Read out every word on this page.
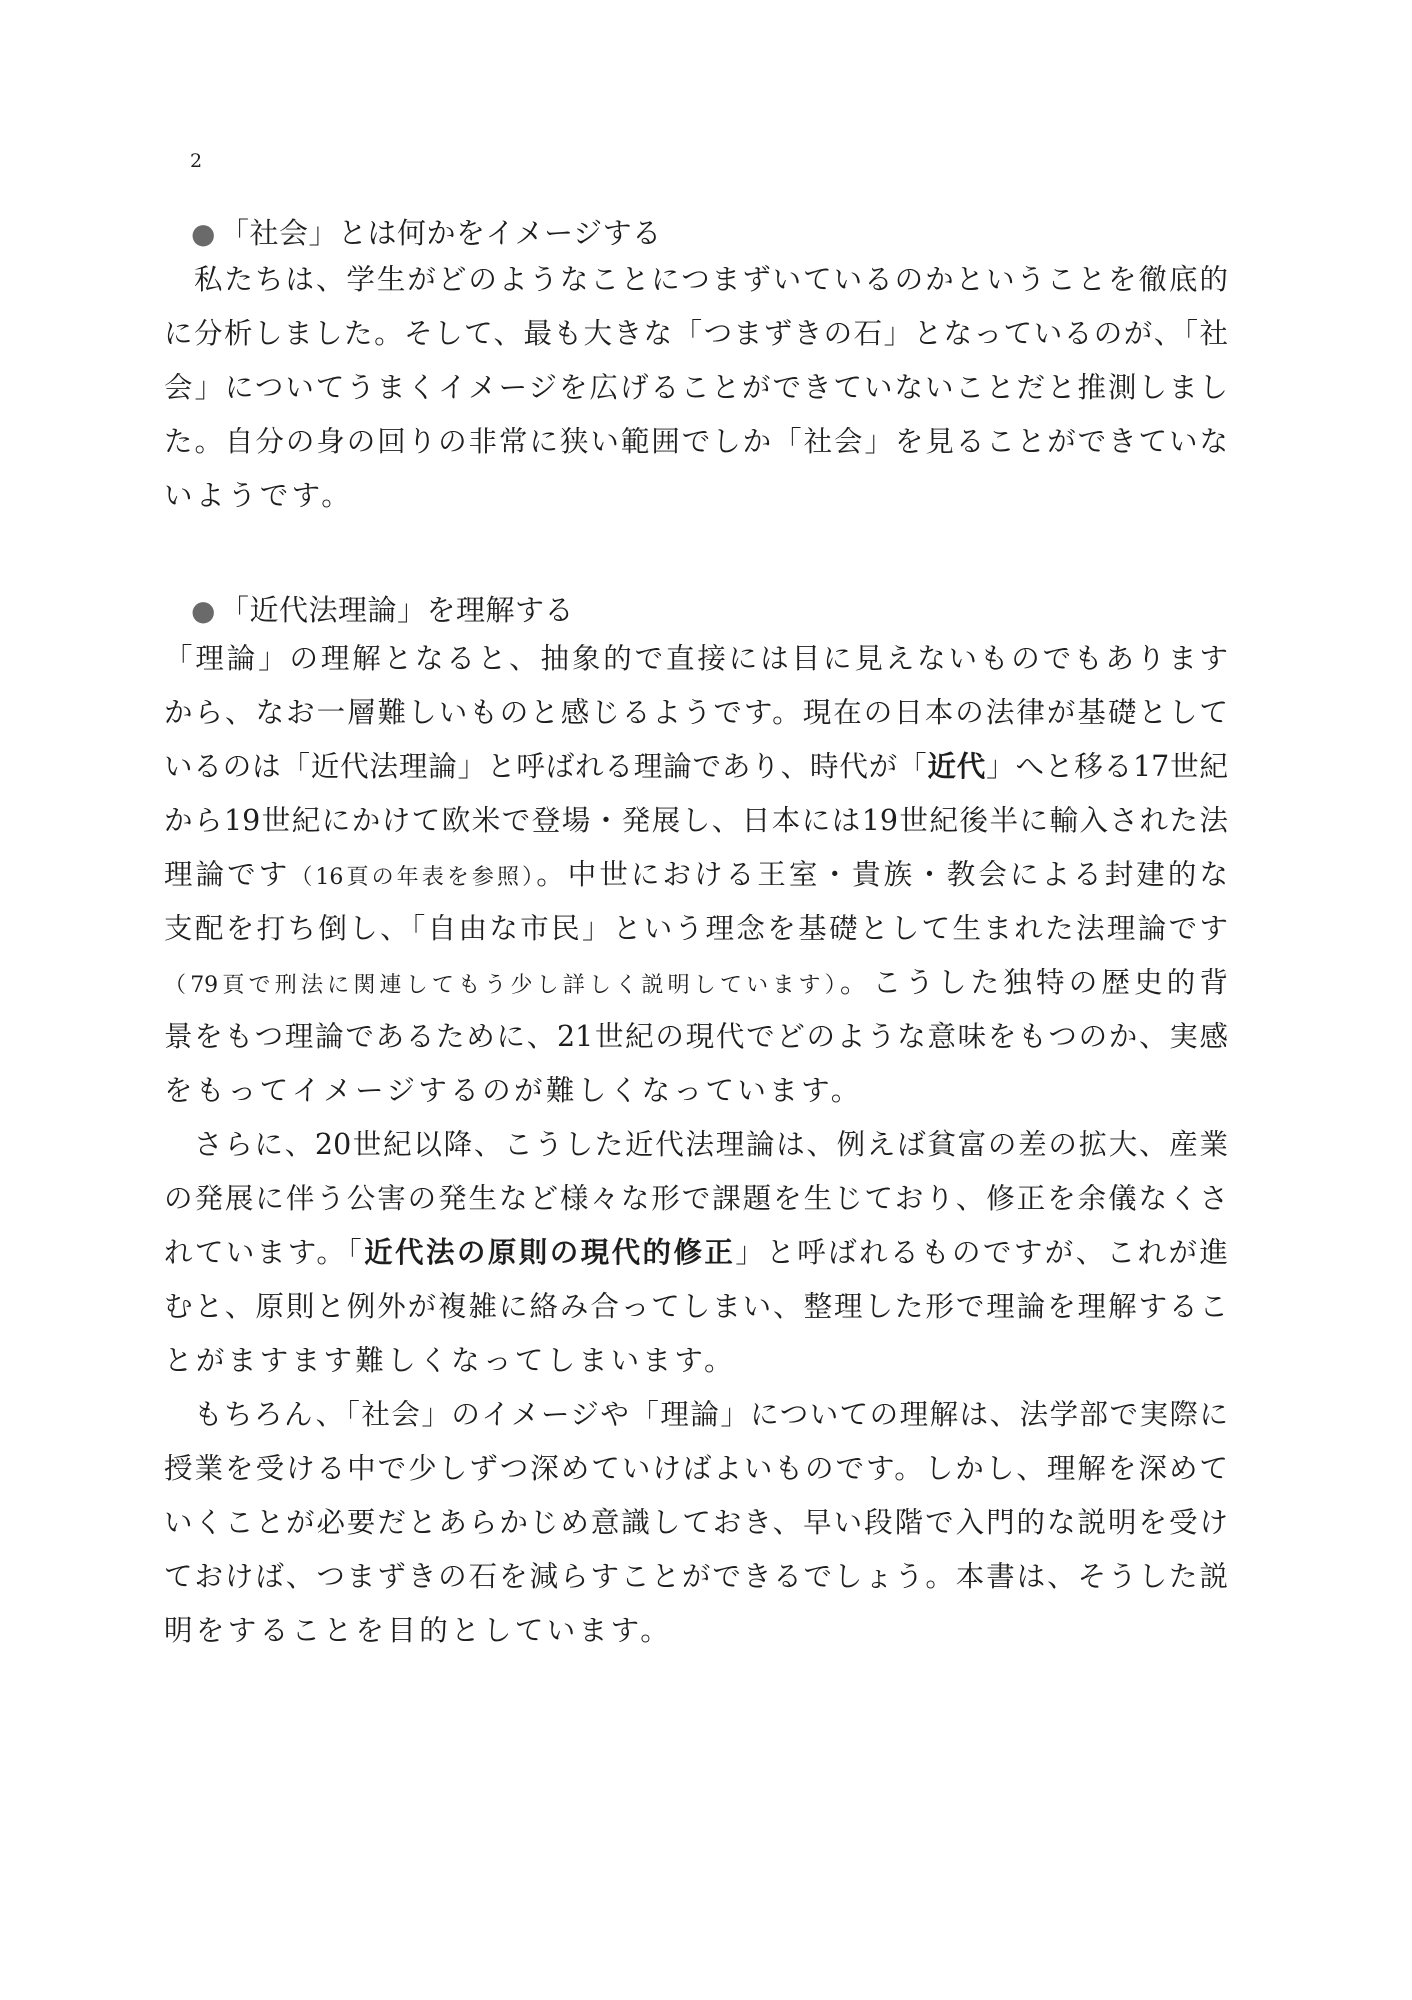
2
● 「社会」とは何かをイメージする

私たちは、学生がどのようなことにつまずいているのかということを徹底的

に分析しました。そして、最も大きな「つまずきの石」となっているのが、「社

会」についてうまくイメージを広げることができていないことだと推測しまし

た。自分の身の回りの非常に狭い範囲でしか「社会」を見ることができていな

いようです。

● 「近代法理論」を理解する

「理論」の理解となると、抽象的で直接には目に見えないものでもあります

から、なお一層難しいものと感じるようです。現在の日本の法律が基礎として

いるのは「近代法理論」と呼ばれる理論であり、時代が「近代」へと移る17世紀

から19世紀にかけて欧米で登場・発展し、日本には19世紀後半に輸入された法

理論です（16頁の年表を参照）。中世における王室・貴族・教会による封建的な

支配を打ち倒し、「自由な市民」という理念を基礎として生まれた法理論です

（79頁で刑法に関連してもう少し詳しく説明しています）。こうした独特の歴史的背

景をもつ理論であるために、21世紀の現代でどのような意味をもつのか、実感

をもってイメージするのが難しくなっています。

さらに、20世紀以降、こうした近代法理論は、例えば貧富の差の拡大、産業

の発展に伴う公害の発生など様々な形で課題を生じており、修正を余儀なくさ

れています。「近代法の原則の現代的修正」と呼ばれるものですが、これが進

むと、原則と例外が複雑に絡み合ってしまい、整理した形で理論を理解するこ

とがますます難しくなってしまいます。

もちろん、「社会」のイメージや「理論」についての理解は、法学部で実際に

授業を受ける中で少しずつ深めていけばよいものです。しかし、理解を深めて

いくことが必要だとあらかじめ意識しておき、早い段階で入門的な説明を受け

ておけば、つまずきの石を減らすことができるでしょう。本書は、そうした説

明をすることを目的としています。
